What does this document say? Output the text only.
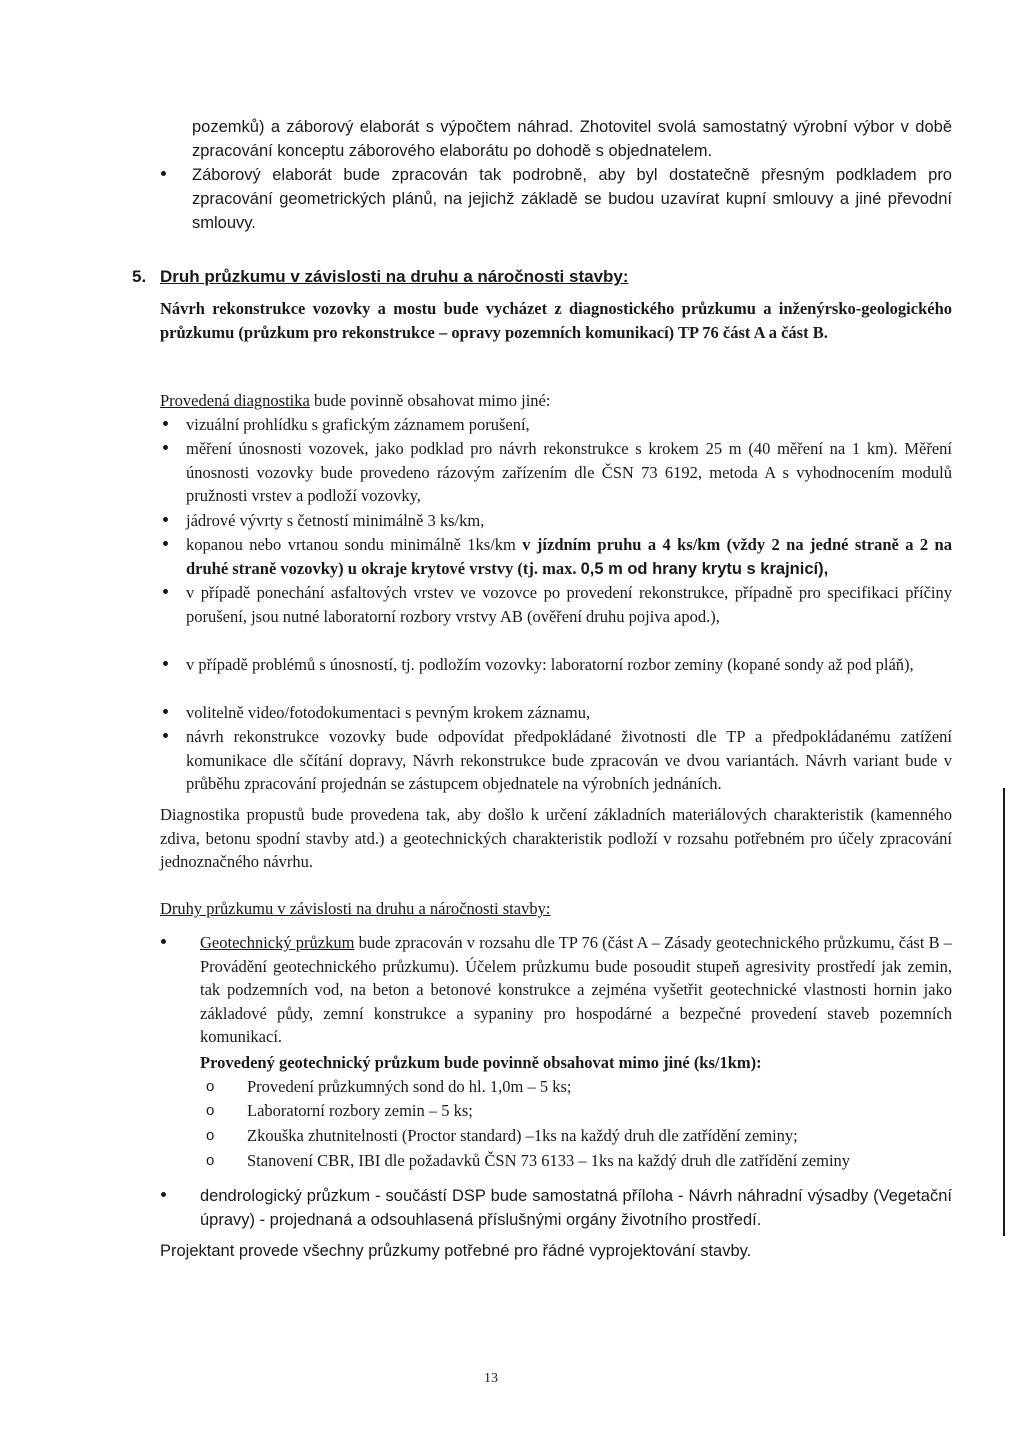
pozemků) a záborový elaborát s výpočtem náhrad. Zhotovitel svolá samostatný výrobní výbor v době zpracování konceptu záborového elaborátu po dohodě s objednatelem.

Záborový elaborát bude zpracován tak podrobně, aby byl dostatečně přesným podkladem pro zpracování geometrických plánů, na jejichž základě se budou uzavírat kupní smlouvy a jiné převodní smlouvy.

5. Druh průzkumu v závislosti na druhu a náročnosti stavby:

Návrh rekonstrukce vozovky a mostu bude vycházet z diagnostického průzkumu a inženýrsko-geologického průzkumu (průzkum pro rekonstrukce – opravy pozemních komunikací) TP 76 část A a část B.

Provedená diagnostika bude povinně obsahovat mimo jiné:

vizuální prohlídku s grafickým záznamem porušení,

měření únosnosti vozovek, jako podklad pro návrh rekonstrukce s krokem 25 m (40 měření na 1 km). Měření únosnosti vozovky bude provedeno rázovým zařízením dle ČSN 73 6192, metoda A s vyhodnocením modulů pružnosti vrstev a podloží vozovky,

jádrové vývrty s četností minimálně 3 ks/km,

kopanou nebo vrtanou sondu minimálně 1ks/km v jízdním pruhu a 4 ks/km (vždy 2 na jedné straně a 2 na druhé straně vozovky) u okraje krytové vrstvy (tj. max. 0,5 m od hrany krytu s krajnicí),

v případě ponechání asfaltových vrstev ve vozovce po provedení rekonstrukce, případně pro specifikaci příčiny porušení, jsou nutné laboratorní rozbory vrstvy AB (ověření druhu pojiva apod.),

v případě problémů s únosností, tj. podložím vozovky: laboratorní rozbor zeminy (kopané sondy až pod pláň),

volitelně video/fotodokumentaci s pevným krokem záznamu,

návrh rekonstrukce vozovky bude odpovídat předpokládané životnosti dle TP a předpokládanému zatížení komunikace dle sčítání dopravy, Návrh rekonstrukce bude zpracován ve dvou variantách. Návrh variant bude v průběhu zpracování projednán se zástupcem objednatele na výrobních jednáních.

Diagnostika propustů bude provedena tak, aby došlo k určení základních materiálových charakteristik (kamenného zdiva, betonu spodní stavby atd.) a geotechnických charakteristik podloží v rozsahu potřebném pro účely zpracování jednoznačného návrhu.

Druhy průzkumu v závislosti na druhu a náročnosti stavby:

Geotechnický průzkum bude zpracován v rozsahu dle TP 76 (část A – Zásady geotechnického průzkumu, část B – Provádění geotechnického průzkumu). Účelem průzkumu bude posoudit stupeň agresivity prostředí jak zemin, tak podzemních vod, na beton a betonové konstrukce a zejména vyšetřit geotechnické vlastnosti hornin jako základové půdy, zemní konstrukce a sypaniny pro hospodárné a bezpečné provedení staveb pozemních komunikací.

Provedený geotechnický průzkum bude povinně obsahovat mimo jiné (ks/1km):
o Provedení průzkumných sond do hl. 1,0m – 5 ks;
o Laboratorní rozbory zemin – 5 ks;
o Zkouška zhutnitelnosti (Proctor standard) –1ks na každý druh dle zatřídění zeminy;
o Stanovení CBR, IBI dle požadavků ČSN 73 6133 – 1ks na každý druh dle zatřídění zeminy

dendrologický průzkum - součástí DSP bude samostatná příloha - Návrh náhradní výsadby (Vegetační úpravy) - projednaná a odsouhlasená příslušnými orgány životního prostředí.

Projektant provede všechny průzkumy potřebné pro řádné vyprojektování stavby.

13
